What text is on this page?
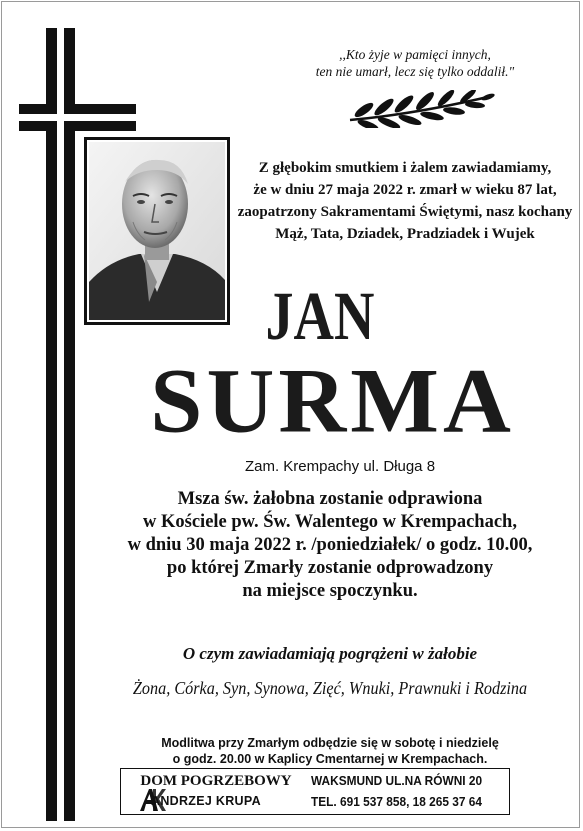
,,Kto żyje w pamięci innych,
ten nie umarł, lecz się tylko oddalił."
Z głębokim smutkiem i żalem zawiadamiamy,
że w dniu 27 maja 2022 r. zmarł w wieku 87 lat,
zaopatrzony Sakramentami Świętymi, nasz kochany
Mąż, Tata, Dziadek, Pradziadek i Wujek
JAN
SURMA
Zam. Krempachy ul. Długa 8
Msza św. żałobna zostanie odprawiona
w Kościele pw. Św. Walentego w Krempachach,
w dniu 30 maja 2022 r. /poniedziałek/ o godz. 10.00,
po której Zmarły zostanie odprowadzony
na miejsce spoczynku.
O czym zawiadamiają pogrążeni w żałobie
Żona, Córka, Syn, Synowa, Zięć, Wnuki, Prawnuki i Rodzina
Modlitwa przy Zmarłym odbędzie się w sobotę i niedzielę
o godz. 20.00 w Kaplicy Cmentarnej w Krempachach.
DOM POGRZEBOWY
ANDRZEJ KRUPA
WAKSMUND UL.NA RÓWNI 20
TEL. 691 537 858, 18 265 37 64
